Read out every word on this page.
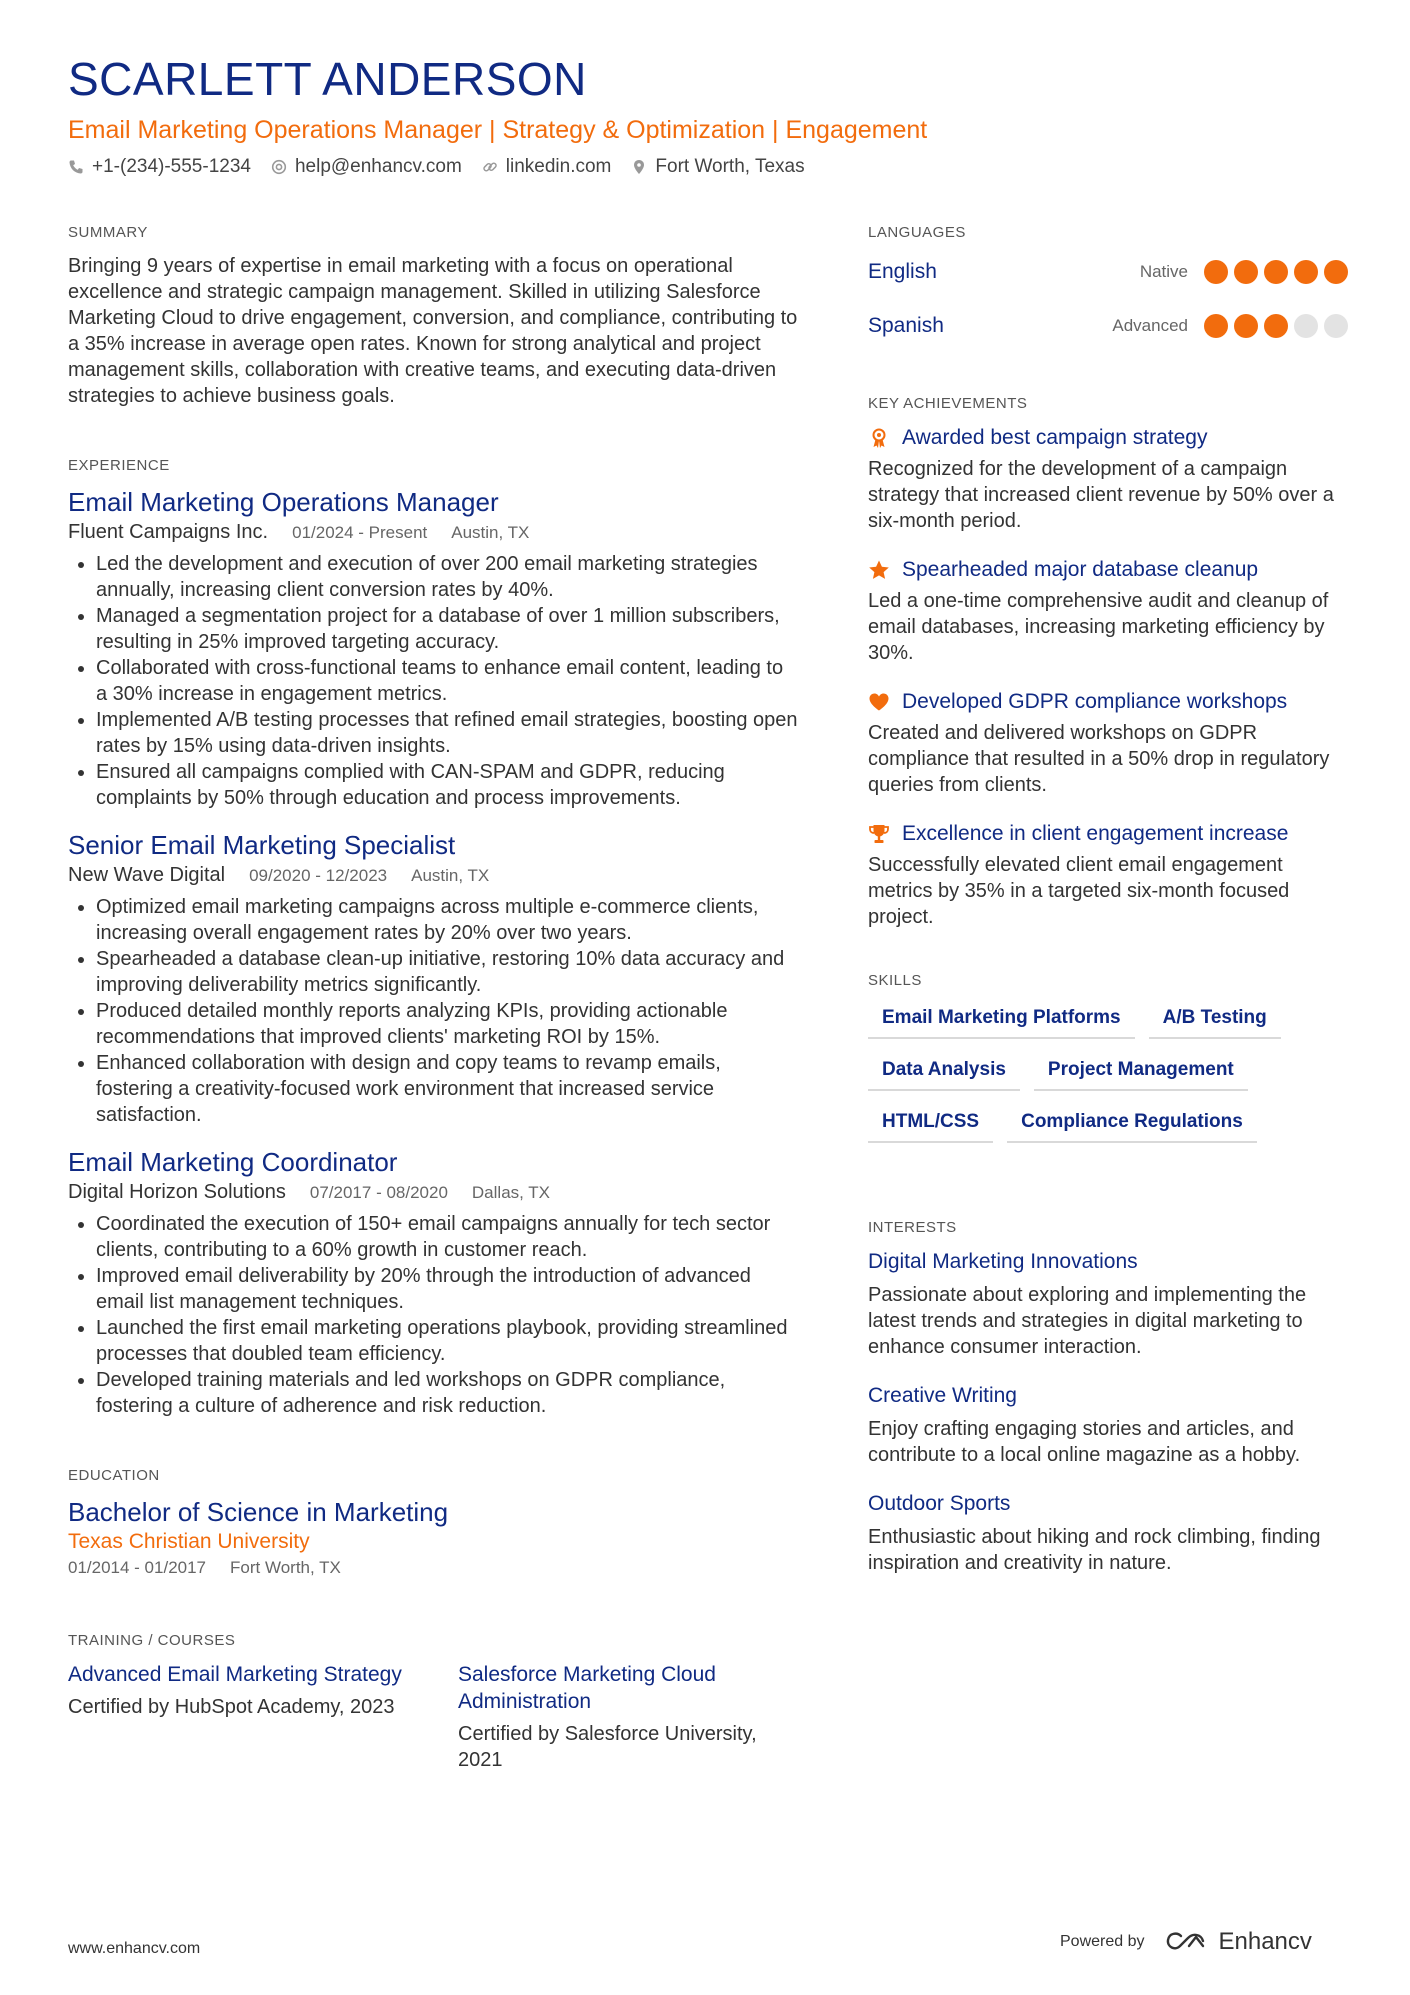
SCARLETT ANDERSON
Email Marketing Operations Manager | Strategy & Optimization | Engagement
+1-(234)-555-1234 help@enhancv.com linkedin.com Fort Worth, Texas
SUMMARY
Bringing 9 years of expertise in email marketing with a focus on operational excellence and strategic campaign management. Skilled in utilizing Salesforce Marketing Cloud to drive engagement, conversion, and compliance, contributing to a 35% increase in average open rates. Known for strong analytical and project management skills, collaboration with creative teams, and executing data-driven strategies to achieve business goals.
EXPERIENCE
Email Marketing Operations Manager
Fluent Campaigns Inc. 01/2024 - Present Austin, TX
• Led the development and execution of over 200 email marketing strategies annually, increasing client conversion rates by 40%.
• Managed a segmentation project for a database of over 1 million subscribers, resulting in 25% improved targeting accuracy.
• Collaborated with cross-functional teams to enhance email content, leading to a 30% increase in engagement metrics.
• Implemented A/B testing processes that refined email strategies, boosting open rates by 15% using data-driven insights.
• Ensured all campaigns complied with CAN-SPAM and GDPR, reducing complaints by 50% through education and process improvements.
Senior Email Marketing Specialist
New Wave Digital 09/2020 - 12/2023 Austin, TX
• Optimized email marketing campaigns across multiple e-commerce clients, increasing overall engagement rates by 20% over two years.
• Spearheaded a database clean-up initiative, restoring 10% data accuracy and improving deliverability metrics significantly.
• Produced detailed monthly reports analyzing KPIs, providing actionable recommendations that improved clients' marketing ROI by 15%.
• Enhanced collaboration with design and copy teams to revamp emails, fostering a creativity-focused work environment that increased service satisfaction.
Email Marketing Coordinator
Digital Horizon Solutions 07/2017 - 08/2020 Dallas, TX
• Coordinated the execution of 150+ email campaigns annually for tech sector clients, contributing to a 60% growth in customer reach.
• Improved email deliverability by 20% through the introduction of advanced email list management techniques.
• Launched the first email marketing operations playbook, providing streamlined processes that doubled team efficiency.
• Developed training materials and led workshops on GDPR compliance, fostering a culture of adherence and risk reduction.
EDUCATION
Bachelor of Science in Marketing
Texas Christian University
01/2014 - 01/2017 Fort Worth, TX
TRAINING / COURSES
Advanced Email Marketing Strategy
Certified by HubSpot Academy, 2023
Salesforce Marketing Cloud Administration
Certified by Salesforce University, 2021
LANGUAGES
English	Native
Spanish	Advanced
KEY ACHIEVEMENTS
Awarded best campaign strategy
Recognized for the development of a campaign strategy that increased client revenue by 50% over a six-month period.
Spearheaded major database cleanup
Led a one-time comprehensive audit and cleanup of email databases, increasing marketing efficiency by 30%.
Developed GDPR compliance workshops
Created and delivered workshops on GDPR compliance that resulted in a 50% drop in regulatory queries from clients.
Excellence in client engagement increase
Successfully elevated client email engagement metrics by 35% in a targeted six-month focused project.
SKILLS
Email Marketing Platforms	A/B Testing
Data Analysis	Project Management
HTML/CSS	Compliance Regulations
INTERESTS
Digital Marketing Innovations
Passionate about exploring and implementing the latest trends and strategies in digital marketing to enhance consumer interaction.
Creative Writing
Enjoy crafting engaging stories and articles, and contribute to a local online magazine as a hobby.
Outdoor Sports
Enthusiastic about hiking and rock climbing, finding inspiration and creativity in nature.
www.enhancv.com	Powered by	Enhancv
